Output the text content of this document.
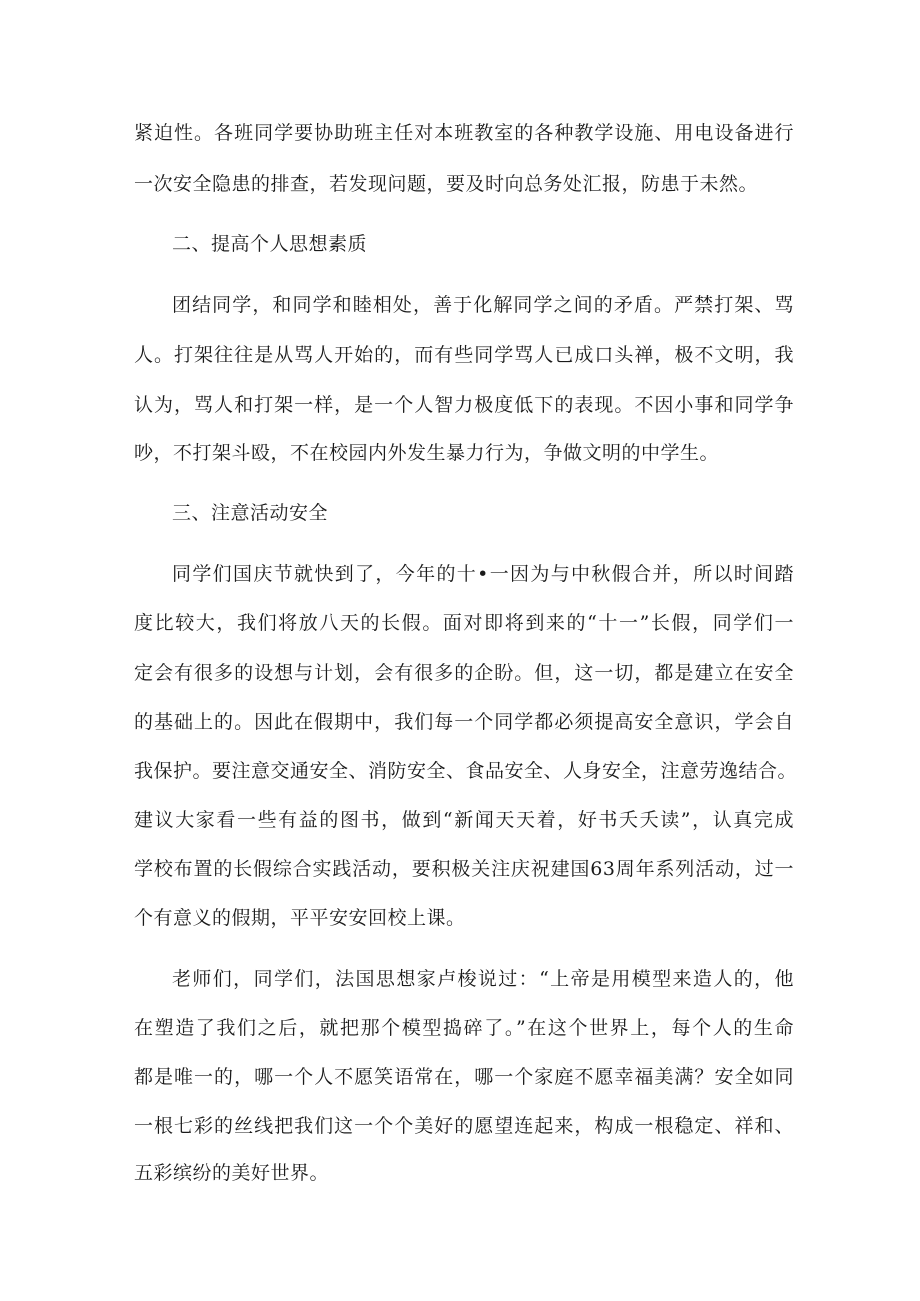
紧迫性。各班同学要协助班主任对本班教室的各种教学设施、用电设备进行
一次安全隐患的排查，若发现问题，要及时向总务处汇报，防患于未然。
二、提高个人思想素质
团结同学，和同学和睦相处，善于化解同学之间的矛盾。严禁打架、骂
人。打架往往是从骂人开始的，而有些同学骂人已成口头禅，极不文明，我
认为，骂人和打架一样，是一个人智力极度低下的表现。不因小事和同学争
吵，不打架斗殴，不在校园内外发生暴力行为，争做文明的中学生。
三、注意活动安全
同学们国庆节就快到了，今年的十•一因为与中秋假合并，所以时间踏
度比较大，我们将放八天的长假。面对即将到来的“十一”长假，同学们一
定会有很多的设想与计划，会有很多的企盼。但，这一切，都是建立在安全
的基础上的。因此在假期中，我们每一个同学都必须提高安全意识，学会自
我保护。要注意交通安全、消防安全、食品安全、人身安全，注意劳逸结合。
建议大家看一些有益的图书，做到“新闻天天着，好书夭夭读”，认真完成
学校布置的长假综合实践活动，要积极关注庆祝建国63周年系列活动，过一
个有意义的假期，平平安安回校上课。
老师们，同学们，法国思想家卢梭说过：“上帝是用模型来造人的，他
在塑造了我们之后，就把那个模型捣碎了。”在这个世界上，每个人的生命
都是唯一的，哪一个人不愿笑语常在，哪一个家庭不愿幸福美满？安全如同
一根七彩的丝线把我们这一个个美好的愿望连起来，构成一根稳定、祥和、
五彩缤纷的美好世界。
